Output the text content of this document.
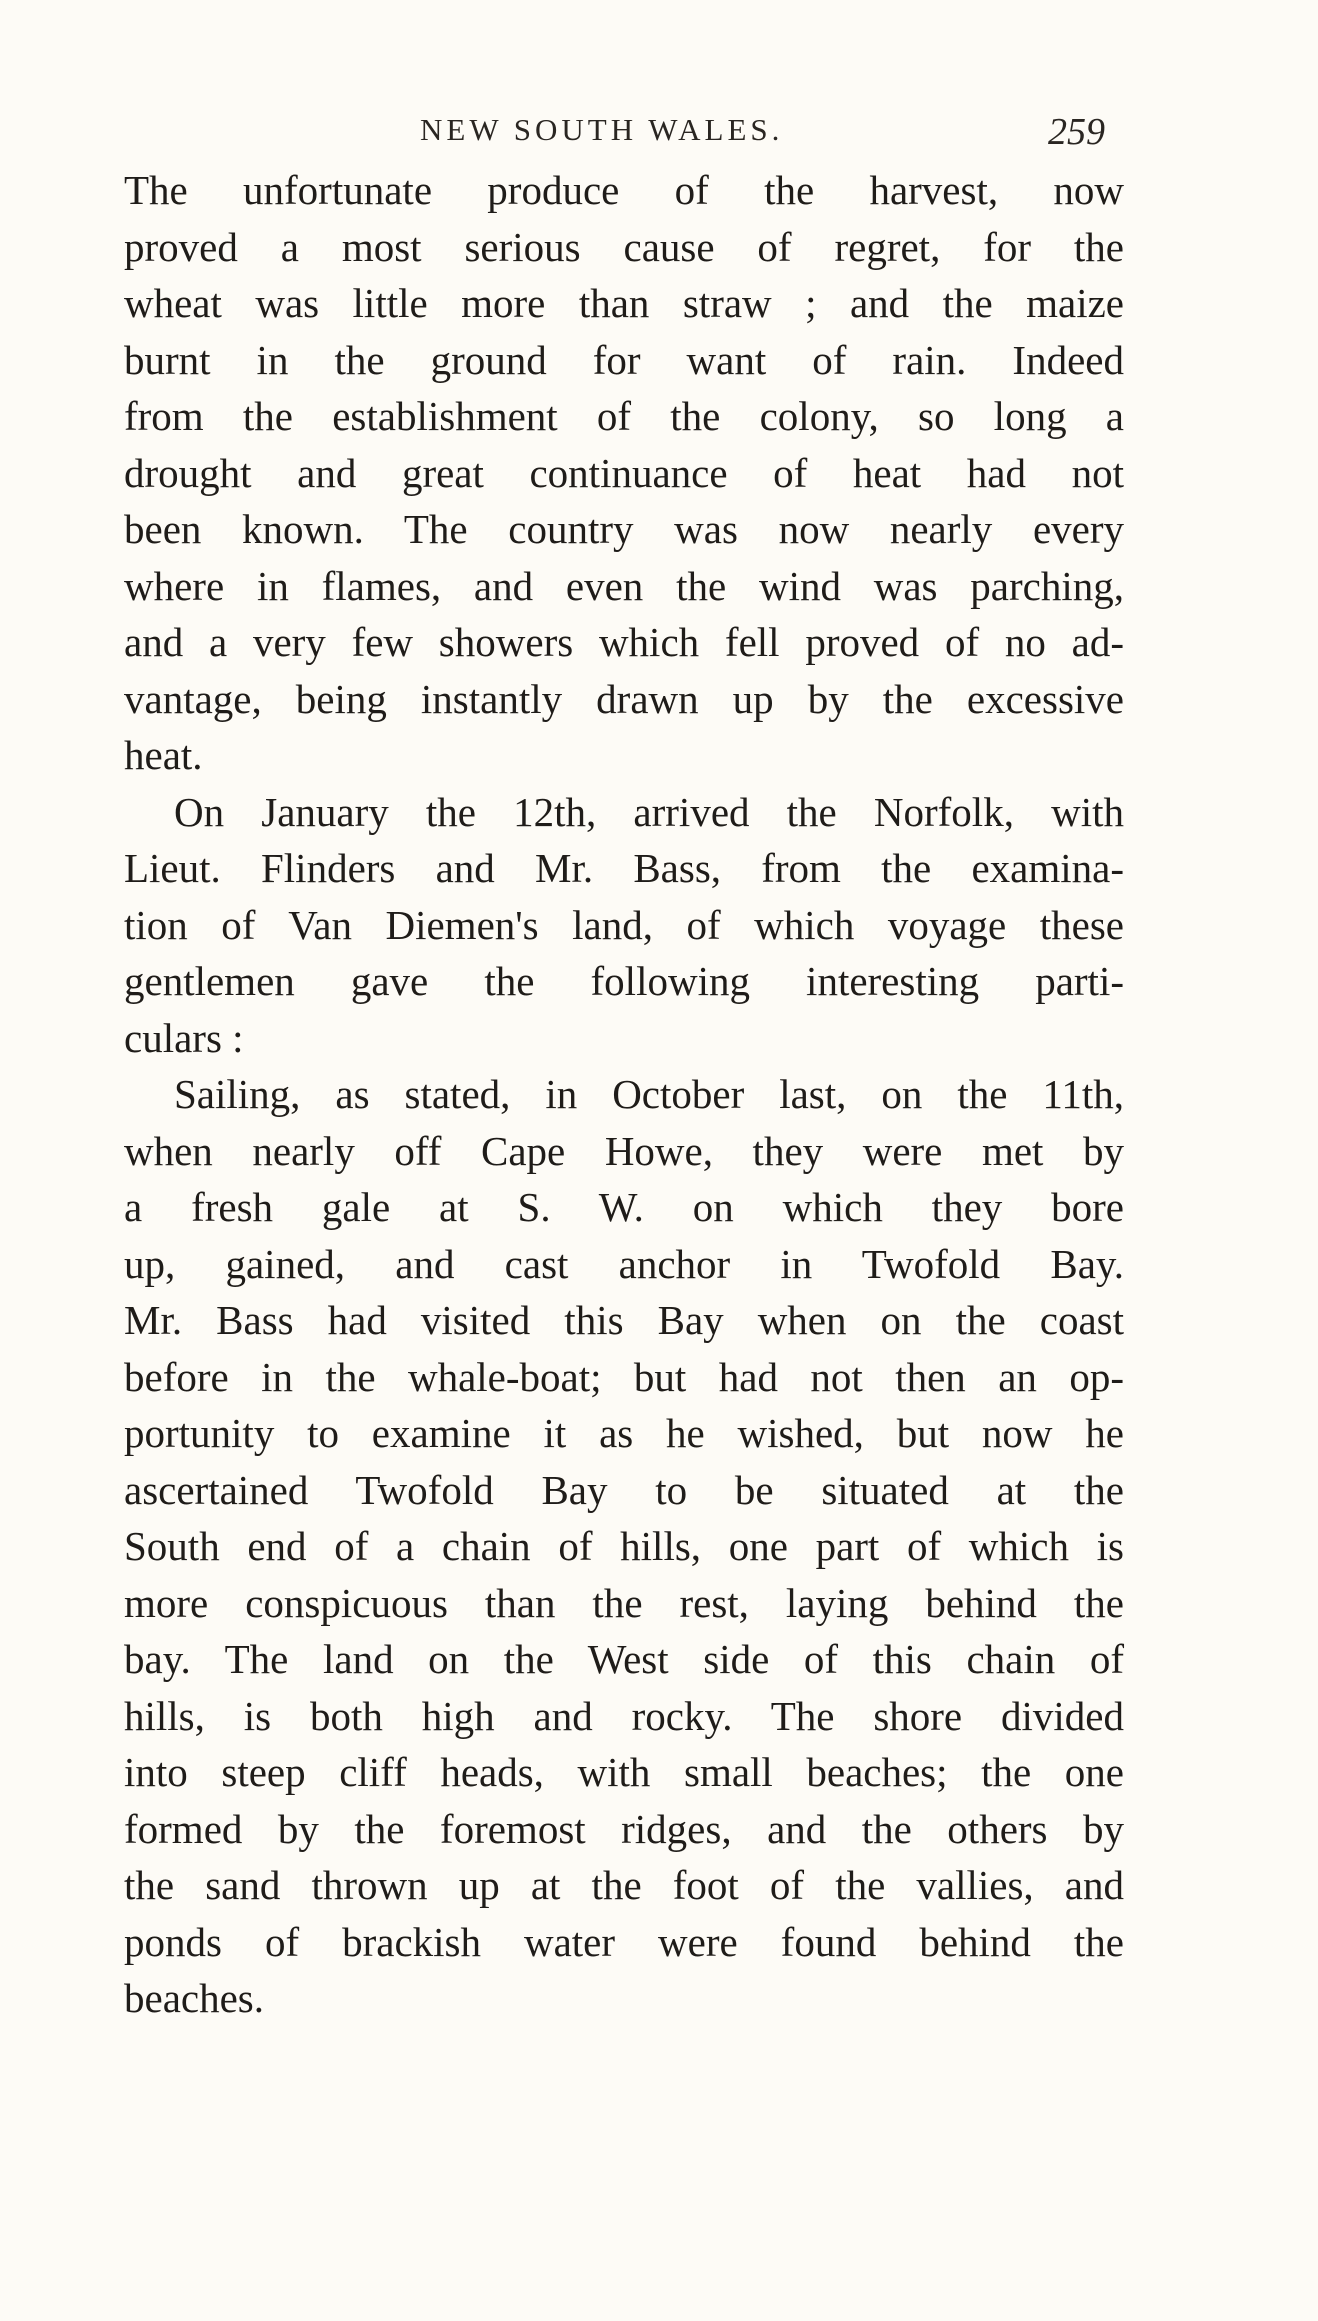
NEW SOUTH WALES.	259
The unfortunate produce of the harvest, now
proved a most serious cause of regret, for the
wheat was little more than straw ; and the maize
burnt in the ground for want of rain. Indeed
from the establishment of the colony, so long a
drought and great continuance of heat had not
been known. The country was now nearly every
where in flames, and even the wind was parching,
and a very few showers which fell proved of no ad-
vantage, being instantly drawn up by the excessive
heat.
On January the 12th, arrived the Norfolk, with
Lieut. Flinders and Mr. Bass, from the examina-
tion of Van Diemen's land, of which voyage these
gentlemen gave the following interesting parti-
culars :
Sailing, as stated, in October last, on the 11th,
when nearly off Cape Howe, they were met by
a fresh gale at S. W. on which they bore
up, gained, and cast anchor in Twofold Bay.
Mr. Bass had visited this Bay when on the coast
before in the whale-boat; but had not then an op-
portunity to examine it as he wished, but now he
ascertained Twofold Bay to be situated at the
South end of a chain of hills, one part of which is
more conspicuous than the rest, laying behind the
bay. The land on the West side of this chain of
hills, is both high and rocky. The shore divided
into steep cliff heads, with small beaches; the one
formed by the foremost ridges, and the others by
the sand thrown up at the foot of the vallies, and
ponds of brackish water were found behind the
beaches.
